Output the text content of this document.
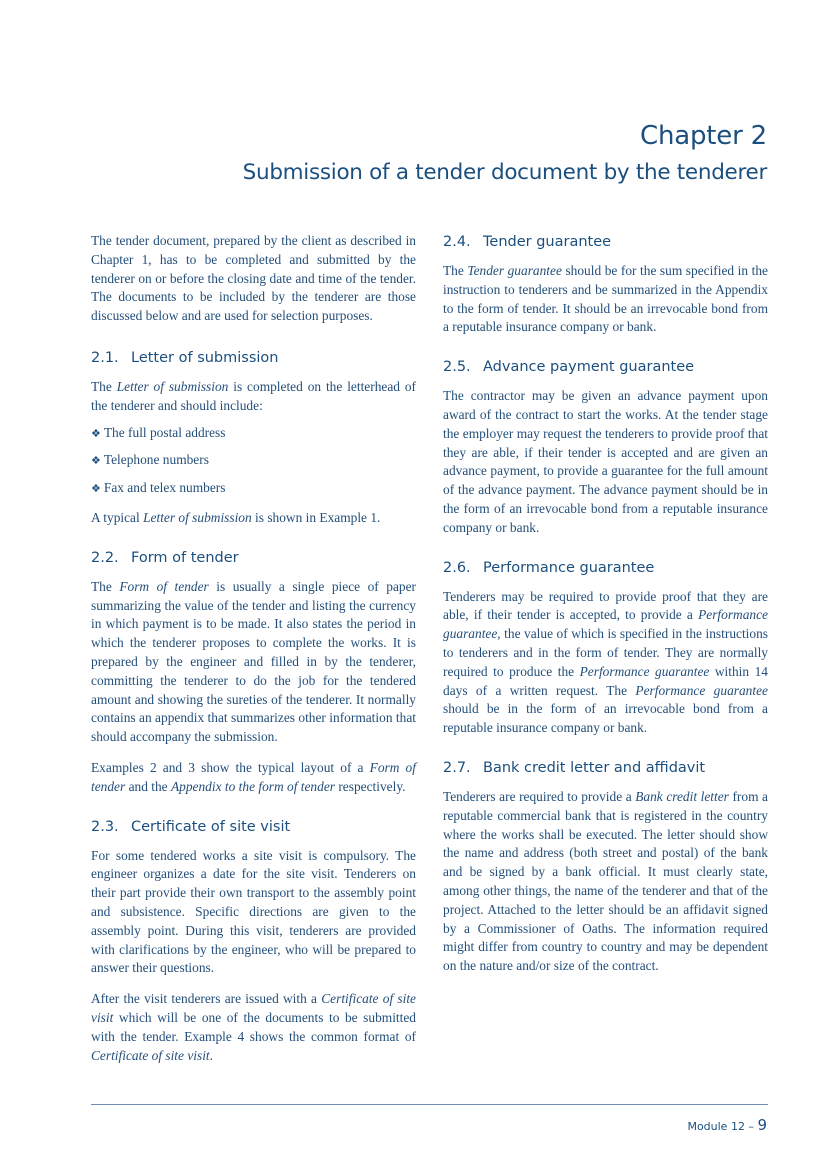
Chapter 2
Submission of a tender document by the tenderer

The tender document, prepared by the client as described in Chapter 1, has to be completed and submitted by the tenderer on or before the closing date and time of the tender. The documents to be included by the tenderer are those discussed below and are used for selection purposes.

2.1. Letter of submission

The Letter of submission is completed on the letterhead of the tenderer and should include:

❖ The full postal address
❖ Telephone numbers
❖ Fax and telex numbers

A typical Letter of submission is shown in Example 1.

2.2. Form of tender

The Form of tender is usually a single piece of paper summarizing the value of the tender and listing the currency in which payment is to be made. It also states the period in which the tenderer proposes to complete the works. It is prepared by the engineer and filled in by the tenderer, committing the tenderer to do the job for the tendered amount and showing the sureties of the tenderer. It normally contains an appendix that summarizes other information that should accompany the submission.

Examples 2 and 3 show the typical layout of a Form of tender and the Appendix to the form of tender respectively.

2.3. Certificate of site visit

For some tendered works a site visit is compulsory. The engineer organizes a date for the site visit. Tenderers on their part provide their own transport to the assembly point and subsistence. Specific directions are given to the assembly point. During this visit, tenderers are provided with clarifications by the engineer, who will be prepared to answer their questions.

After the visit tenderers are issued with a Certificate of site visit which will be one of the documents to be submitted with the tender. Example 4 shows the common format of Certificate of site visit.

2.4. Tender guarantee

The Tender guarantee should be for the sum specified in the instruction to tenderers and be summarized in the Appendix to the form of tender. It should be an irrevocable bond from a reputable insurance company or bank.

2.5. Advance payment guarantee

The contractor may be given an advance payment upon award of the contract to start the works. At the tender stage the employer may request the tenderers to provide proof that they are able, if their tender is accepted and are given an advance payment, to provide a guarantee for the full amount of the advance payment. The advance payment should be in the form of an irrevocable bond from a reputable insurance company or bank.

2.6. Performance guarantee

Tenderers may be required to provide proof that they are able, if their tender is accepted, to provide a Performance guarantee, the value of which is specified in the instructions to tenderers and in the form of tender. They are normally required to produce the Performance guarantee within 14 days of a written request. The Performance guarantee should be in the form of an irrevocable bond from a reputable insurance company or bank.

2.7. Bank credit letter and affidavit

Tenderers are required to provide a Bank credit letter from a reputable commercial bank that is registered in the country where the works shall be executed. The letter should show the name and address (both street and postal) of the bank and be signed by a bank official. It must clearly state, among other things, the name of the tenderer and that of the project. Attached to the letter should be an affidavit signed by a Commissioner of Oaths. The information required might differ from country to country and may be dependent on the nature and/or size of the contract.

Module 12 – 9
